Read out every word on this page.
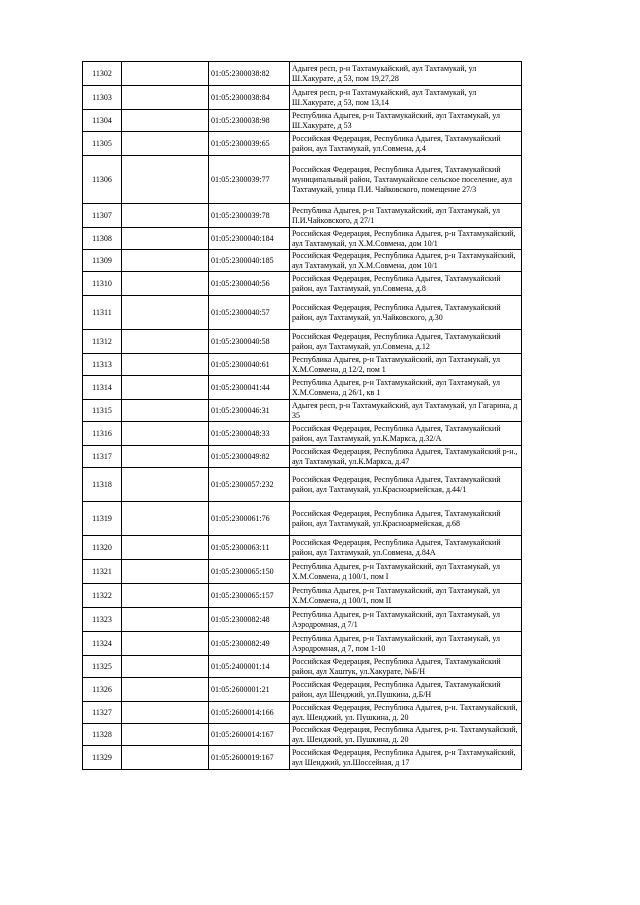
11302		01:05:2300038:82	Адыгея респ, р-н Тахтамукайский, аул Тахтамукай, ул Ш.Хакурате, д 53, пом 19,27,28
11303		01:05:2300038:84	Адыгея респ, р-н Тахтамукайский, аул Тахтамукай, ул Ш.Хакурате, д 53, пом 13,14
11304		01:05:2300038:98	Республика Адыгея, р-н Тахтамукайский, аул Тахтамукай, ул Ш.Хакурате, д 53
11305		01:05:2300039:65	Российская Федерация, Республика Адыгея, Тахтамукайский район, аул Тахтамукай, ул.Совмена, д.4
11306		01:05:2300039:77	Российская Федерация, Республика Адыгея, Тахтамукайский муниципальный район, Тахтамукайское сельское поселение, аул Тахтамукай, улица П.И. Чайковского, помещение 27/3
11307		01:05:2300039:78	Республика Адыгея, р-н Тахтамукайский, аул Тахтамукай, ул П.И.Чайковского, д 27/1
11308		01:05:2300040:184	Российская Федерация, Республика Адыгея, р-н Тахтамукайский, аул Тахтамукай, ул Х.М.Совмена, дом 10/1
11309		01:05:2300040:185	Российская Федерация, Республика Адыгея, р-н Тахтамукайский, аул Тахтамукай, ул Х.М.Совмена, дом 10/1
11310		01:05:2300040:56	Российская Федерация, Республика Адыгея, Тахтамукайский район, аул Тахтамукай, ул.Совмена, д.8
11311		01:05:2300040:57	Российская Федерация, Республика Адыгея, Тахтамукайский район, аул Тахтамукай, ул.Чайковского, д.30
11312		01:05:2300040:58	Российская Федерация, Республика Адыгея, Тахтамукайский район, аул Тахтамукай, ул.Совмена, д.12
11313		01:05:2300040:61	Республика Адыгея, р-н Тахтамукайский, аул Тахтамукай, ул Х.М.Совмена, д 12/2, пом 1
11314		01:05:2300041:44	Республика Адыгея, р-н Тахтамукайский, аул Тахтамукай, ул Х.М.Совмена, д 26/1, кв 1
11315		01:05:2300046:31	Адыгея респ, р-н Тахтамукайский, аул Тахтамукай, ул Гагарина, д 35
11316		01:05:2300048:33	Российская Федерация, Республика Адыгея, Тахтамукайский район, аул Тахтамукай, ул.К.Маркса, д.32/А
11317		01:05:2300049:82	Российская Федерация, Республика Адыгея, Тахтамукайский р-н., аул Тахтамукай, ул.К.Маркса, д.47
11318		01:05:2300057:232	Российская Федерация, Республика Адыгея, Тахтамукайский район, аул Тахтамукай, ул.Красноармейская, д.44/1
11319		01:05:2300061:76	Российская Федерация, Республика Адыгея, Тахтамукайский район, аул Тахтамукай, ул.Красноармейская, д.68
11320		01:05:2300063:11	Российская Федерация, Республика Адыгея, Тахтамукайский район, аул Тахтамукай, ул.Совмена, д.84А
11321		01:05:2300065:150	Республика Адыгея, р-н Тахтамукайский, аул Тахтамукай, ул Х.М.Совмена, д 100/1, пом I
11322		01:05:2300065:157	Республика Адыгея, р-н Тахтамукайский, аул Тахтамукай, ул Х.М.Совмена, д 100/1, пом II
11323		01:05:2300082:48	Республика Адыгея, р-н Тахтамукайский, аул Тахтамукай, ул Аэродромная, д 7/1
11324		01:05:2300082:49	Республика Адыгея, р-н Тахтамукайский, аул Тахтамукай, ул Аэродромная, д 7, пом 1-10
11325		01:05:2400001:14	Российская Федерация, Республика Адыгея, Тахтамукайский район, аул Хаштук, ул.Хакурате, №Б/Н
11326		01:05:2600001:21	Российская Федерация, Республика Адыгея, Тахтамукайский район, аул Шенджий, ул.Пушкина, д.Б/Н
11327		01:05:2600014:166	Российская Федерация, Республика Адыгея, р-н. Тахтамукайский, аул. Шенджий, ул. Пушкина, д. 20
11328		01:05:2600014:167	Российская Федерация, Республика Адыгея, р-н. Тахтамукайский, аул. Шенджий, ул. Пушкина, д. 20
11329		01:05:2600019:167	Российская Федерация, Республика Адыгея, р-н Тахтамукайский, аул Шенджий, ул.Шоссейная, д 17
